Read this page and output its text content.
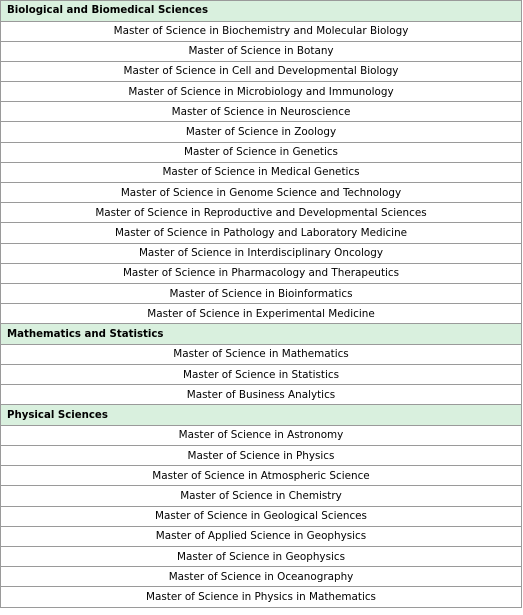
Biological and Biomedical Sciences
Master of Science in Biochemistry and Molecular Biology
Master of Science in Botany
Master of Science in Cell and Developmental Biology
Master of Science in Microbiology and Immunology
Master of Science in Neuroscience
Master of Science in Zoology
Master of Science in Genetics
Master of Science in Medical Genetics
Master of Science in Genome Science and Technology
Master of Science in Reproductive and Developmental Sciences
Master of Science in Pathology and Laboratory Medicine
Master of Science in Interdisciplinary Oncology
Master of Science in Pharmacology and Therapeutics
Master of Science in Bioinformatics
Master of Science in Experimental Medicine
Mathematics and Statistics
Master of Science in Mathematics
Master of Science in Statistics
Master of Business Analytics
Physical Sciences
Master of Science in Astronomy
Master of Science in Physics
Master of Science in Atmospheric Science
Master of Science in Chemistry
Master of Science in Geological Sciences
Master of Applied Science in Geophysics
Master of Science in Geophysics
Master of Science in Oceanography
Master of Science in Physics in Mathematics
